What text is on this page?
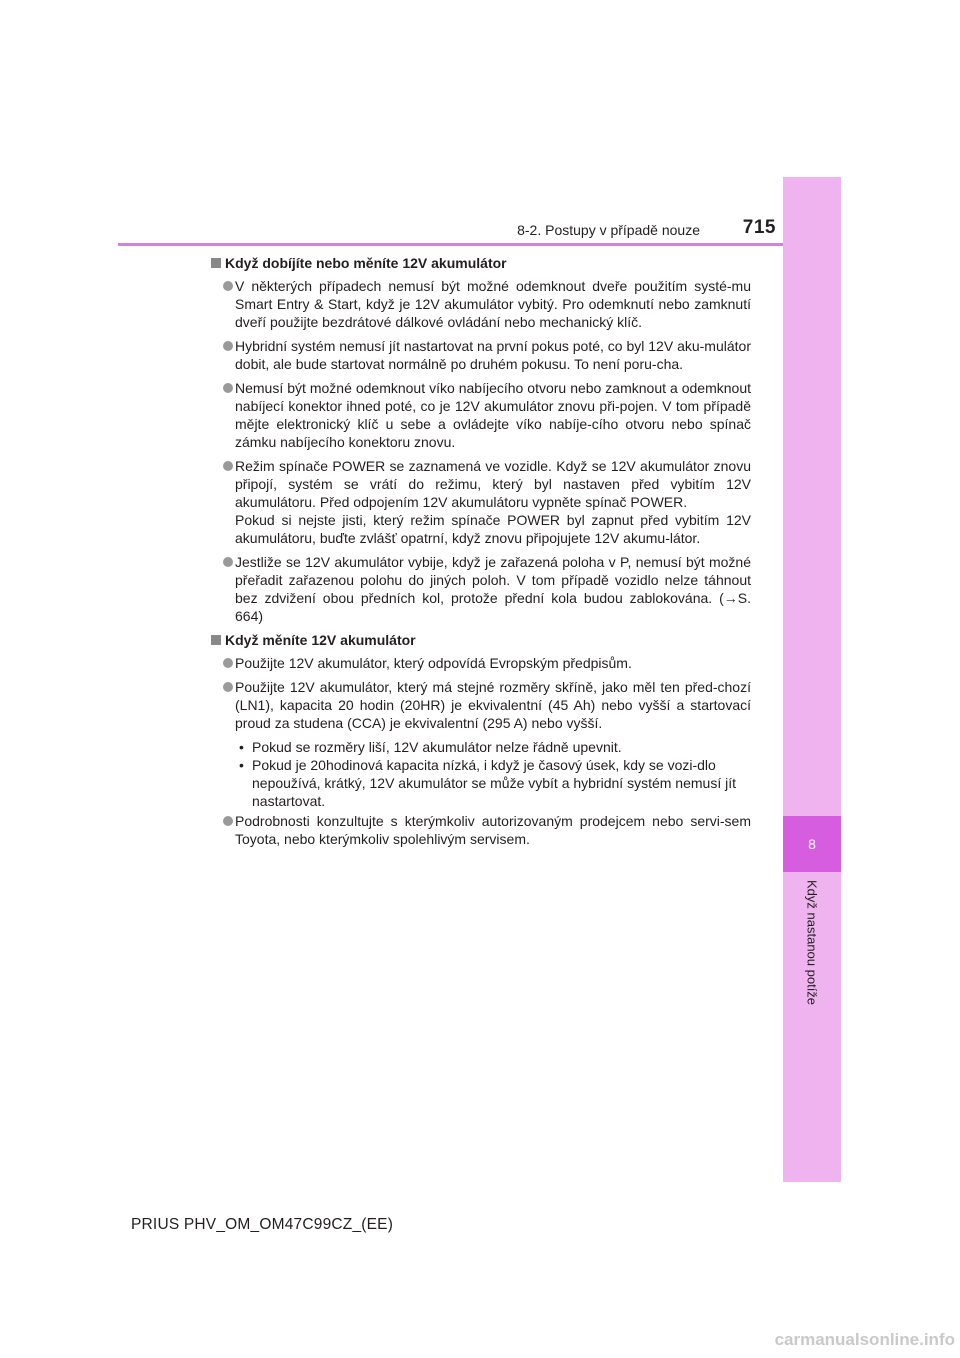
8
Když nastanou potíže
8-2. Postupy v případě nouze	715
Když dobíjíte nebo měníte 12V akumulátor

V některých případech nemusí být možné odemknout dveře použitím systé-mu Smart Entry & Start, když je 12V akumulátor vybitý. Pro odemknutí nebo zamknutí dveří použijte bezdrátové dálkové ovládání nebo mechanický klíč.

Hybridní systém nemusí jít nastartovat na první pokus poté, co byl 12V aku-mulátor dobit, ale bude startovat normálně po druhém pokusu. To není poru-cha.

Nemusí být možné odemknout víko nabíjecího otvoru nebo zamknout a odemknout nabíjecí konektor ihned poté, co je 12V akumulátor znovu při-pojen. V tom případě mějte elektronický klíč u sebe a ovládejte víko nabíje-cího otvoru nebo spínač zámku nabíjecího konektoru znovu.

Režim spínače POWER se zaznamená ve vozidle. Když se 12V akumulátor znovu připojí, systém se vrátí do režimu, který byl nastaven před vybitím 12V akumulátoru. Před odpojením 12V akumulátoru vypněte spínač POWER.

Pokud si nejste jisti, který režim spínače POWER byl zapnut před vybitím 12V akumulátoru, buďte zvlášť opatrní, když znovu připojujete 12V akumu-látor.

Jestliže se 12V akumulátor vybije, když je zařazená poloha v P, nemusí být možné přeřadit zařazenou polohu do jiných poloh. V tom případě vozidlo nelze táhnout bez zdvižení obou předních kol, protože přední kola budou zablokována. (→S. 664)

Když měníte 12V akumulátor

Použijte 12V akumulátor, který odpovídá Evropským předpisům.

Použijte 12V akumulátor, který má stejné rozměry skříně, jako měl ten před-chozí (LN1), kapacita 20 hodin (20HR) je ekvivalentní (45 Ah) nebo vyšší a startovací proud za studena (CCA) je ekvivalentní (295 A) nebo vyšší.

• Pokud se rozměry liší, 12V akumulátor nelze řádně upevnit.
• Pokud je 20hodinová kapacita nízká, i když je časový úsek, kdy se vozi-dlo nepoužívá, krátký, 12V akumulátor se může vybít a hybridní systém nemusí jít nastartovat.

Podrobnosti konzultujte s kterýmkoliv autorizovaným prodejcem nebo servi-sem Toyota, nebo kterýmkoliv spolehlivým servisem.

PRIUS PHV_OM_OM47C99CZ_(EE)
carmanualsonline.info
